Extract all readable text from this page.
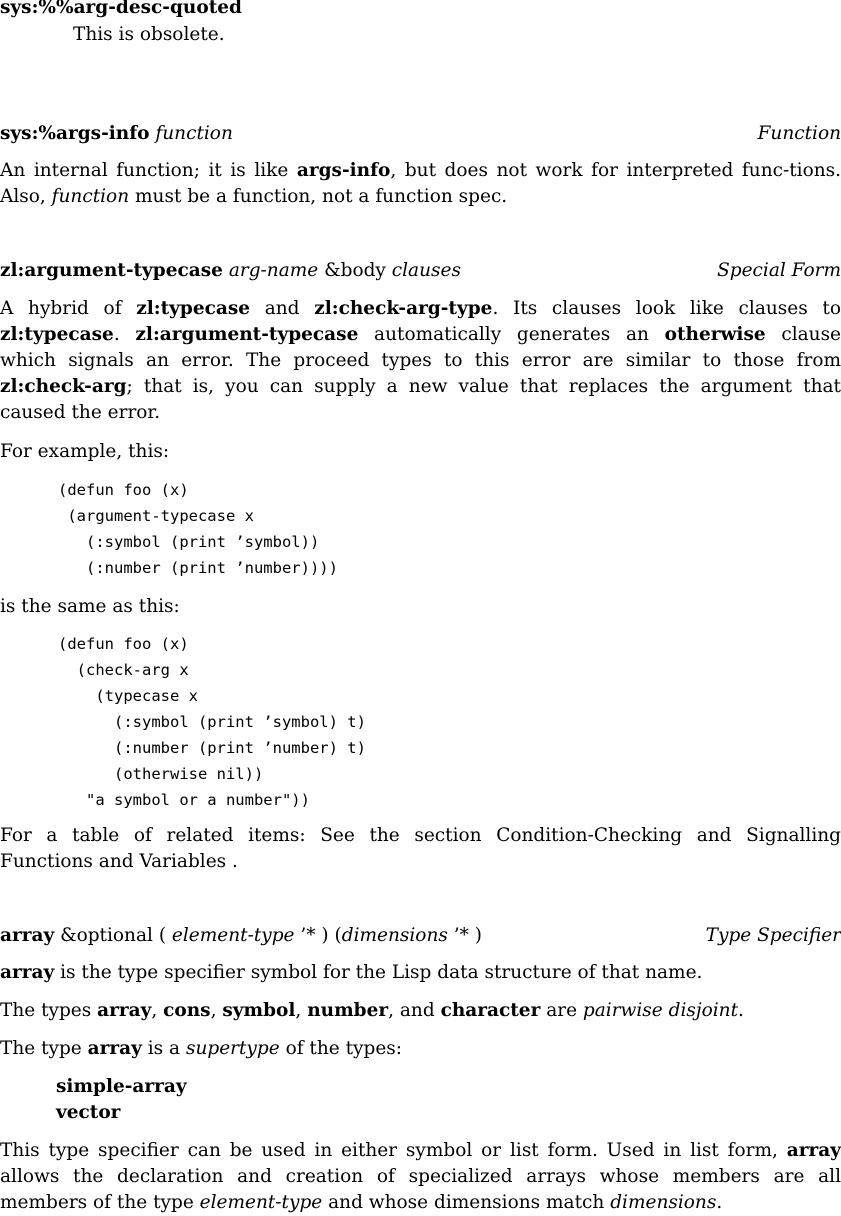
sys:%%arg-desc-quoted
This is obsolete.
sys:%args-info function	Function
An internal function; it is like args-info, but does not work for interpreted func-tions. Also, function must be a function, not a function spec.
zl:argument-typecase arg-name &body clauses	Special Form
A hybrid of zl:typecase and zl:check-arg-type. Its clauses look like clauses to zl:typecase. zl:argument-typecase automatically generates an otherwise clause which signals an error. The proceed types to this error are similar to those from zl:check-arg; that is, you can supply a new value that replaces the argument that caused the error.
For example, this:
(defun foo (x)
(argument-typecase x
(:symbol (print ’symbol))
(:number (print ’number))))
is the same as this:
(defun foo (x)
(check-arg x
(typecase x
(:symbol (print ’symbol) t)
(:number (print ’number) t)
(otherwise nil))
"a symbol or a number"))
For a table of related items: See the section Condition-Checking and Signalling Functions and Variables .
array &optional ( element-type ’* ) (dimensions ’* )	Type Specifier
array is the type specifier symbol for the Lisp data structure of that name.
The types array, cons, symbol, number, and character are pairwise disjoint.
The type array is a supertype of the types:
simple-array
vector
This type specifier can be used in either symbol or list form. Used in list form, array allows the declaration and creation of specialized arrays whose members are all members of the type element-type and whose dimensions match dimensions.
